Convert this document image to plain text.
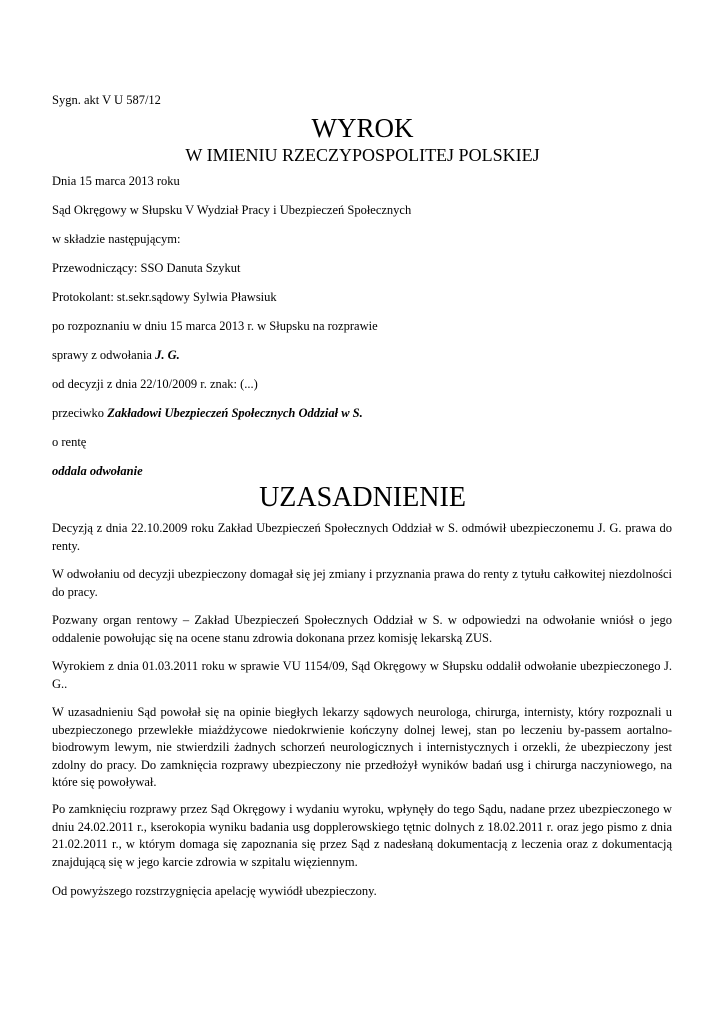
Sygn. akt V U 587/12
WYROK
W IMIENIU RZECZYPOSPOLITEJ POLSKIEJ
Dnia 15 marca 2013 roku
Sąd Okręgowy w Słupsku V Wydział Pracy i Ubezpieczeń Społecznych
w składzie następującym:
Przewodniczący: SSO Danuta Szykut
Protokolant: st.sekr.sądowy Sylwia Pławsiuk
po rozpoznaniu w dniu 15 marca 2013 r. w Słupsku na rozprawie
sprawy z odwołania J. G.
od decyzji z dnia 22/10/2009 r. znak: (...)
przeciwko Zakładowi Ubezpieczeń Społecznych Oddział w S.
o rentę
oddala odwołanie
UZASADNIENIE
Decyzją z dnia 22.10.2009 roku Zakład Ubezpieczeń Społecznych Oddział w S. odmówił ubezpieczonemu J. G. prawa do renty.
W odwołaniu od decyzji ubezpieczony domagał się jej zmiany i przyznania prawa do renty z tytułu całkowitej niezdolności do pracy.
Pozwany organ rentowy – Zakład Ubezpieczeń Społecznych Oddział w S. w odpowiedzi na odwołanie wniósł o jego oddalenie powołując się na ocene stanu zdrowia dokonana przez komisję lekarską ZUS.
Wyrokiem z dnia 01.03.2011 roku w sprawie VU 1154/09, Sąd Okręgowy w Słupsku oddalił odwołanie ubezpieczonego J. G..
W uzasadnieniu Sąd powołał się na opinie biegłych lekarzy sądowych neurologa, chirurga, internisty, który rozpoznali u ubezpieczonego przewlekłe miażdżycowe niedokrwienie kończyny dolnej lewej, stan po leczeniu by-passem aortalno-biodrowym lewym, nie stwierdzili żadnych schorzeń neurologicznych i internistycznych i orzekli, że ubezpieczony jest zdolny do pracy. Do zamknięcia rozprawy ubezpieczony nie przedłożył wyników badań usg i chirurga naczyniowego, na które się powoływał.
Po zamknięciu rozprawy przez Sąd Okręgowy i wydaniu wyroku, wpłynęły do tego Sądu, nadane przez ubezpieczonego w dniu 24.02.2011 r., kserokopia wyniku badania usg dopplerowskiego tętnic dolnych z 18.02.2011 r. oraz jego pismo z dnia 21.02.2011 r., w którym domaga się zapoznania się przez Sąd z nadesłaną dokumentacją z leczenia oraz z dokumentacją znajdującą się w jego karcie zdrowia w szpitalu więziennym.
Od powyższego rozstrzygnięcia apelację wywiódł ubezpieczony.
